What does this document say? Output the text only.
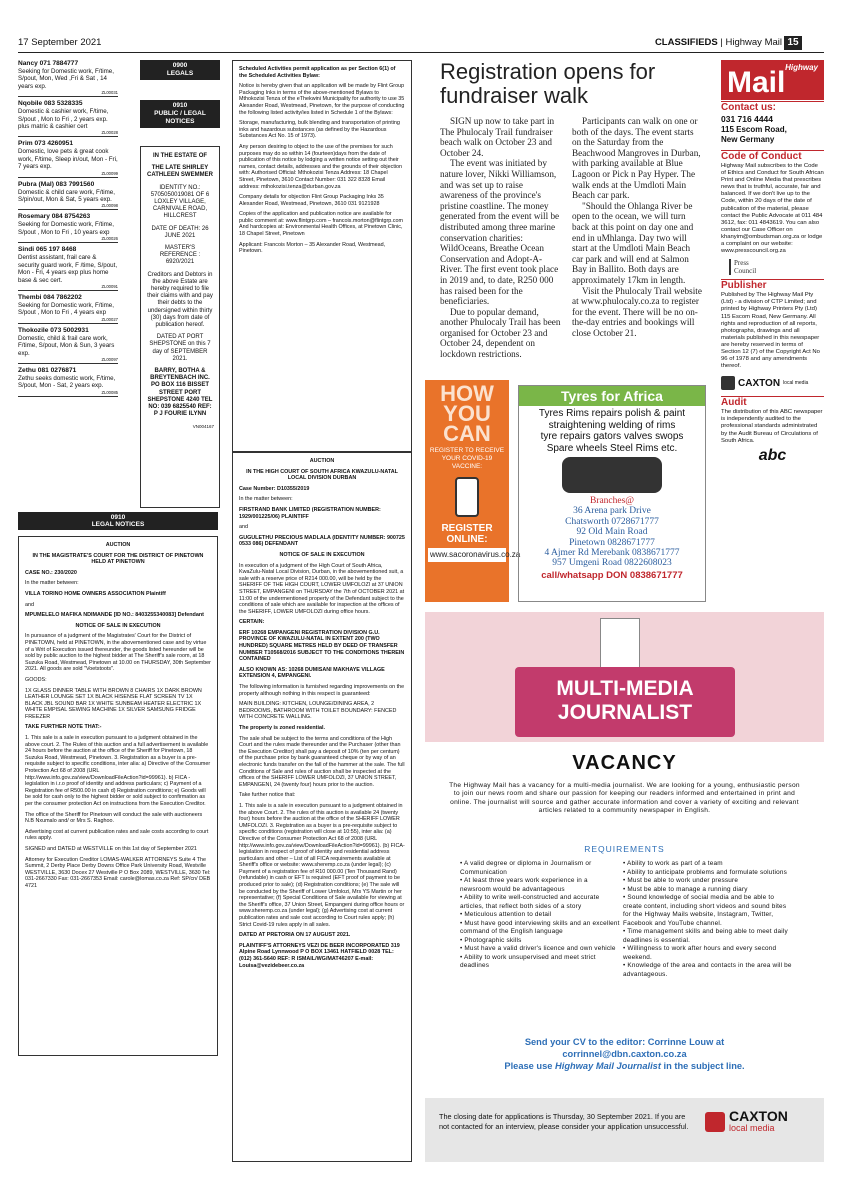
17 September 2021	CLASSIFIEDS | Highway Mail 15
Nancy 071 7884777
Seeking for Domestic work, F/time, S/pout, Mon, Wed ,Fri & Sat , 14 years exp.
ZL00031
Nqobile 083 5328335
Domestic & cashier work, F/time, S/pout , Mon to Fri , 2 years exp. plus matric & cashier cert
ZL00028
Prim 073 4260951
Domestic, love pets & great cook work, F/time, Sleep in/out, Mon - Fri, 7 years exp.
ZL00099
Pubra (Mal) 083 7991560
Domestic & child care work, F/time, S/pin/out, Mon & Sat, 5 years exp.
ZL00098
Rosemary 084 8754263
Seeking for Domestic work, F/time, S/pout , Mon to Fri , 10 years exp
ZL00026
Sindi 065 197 8468
Dentist assistant, frail care & security guard work, F /time, S/pout, Mon - Fri, 4 years exp plus home base & sec cert.
ZL00091
Thembi 084 7862202
Seeking for Domestic work, F/time, S/pout , Mon to Fri , 4 years exp
ZL00027
Thokozile 073 5002931
Domestic, child & frail care work, F/time, S/pout, Mon & Sun, 3 years exp.
ZL00097
Zethu 081 0276871
Zethu seeks domestic work, F/time, S/pout, Mon - Sat, 2 years exp.
ZL00085
0910
LEGAL NOTICES

AUCTION

IN THE MAGISTRATE'S COURT FOR THE DISTRICT OF PINETOWN HELD AT PINETOWN

CASE NO.: 230/2020

In the matter between:

VILLA TORINO HOME OWNERS ASSOCIATION Plaintiff

and

MPUMELELO MAFIKA NDIMANDE [ID NO.: 8403255340083] Defendant

NOTICE OF SALE IN EXECUTION

In pursuance of a judgment of the Magistrates' Court for the District of PINETOWN, held at PINETOWN, in the abovementioned case and by virtue of a Writ of Execution issued thereunder, the goods listed hereunder will be sold by public auction to the highest bidder at The Sheriff's sale room, at 18 Suzuka Road, Westmead, Pinetown at 10.00 on THURSDAY, 30th September 2021. All goods are sold "Voetstoots".

GOODS:

1X GLASS DINNER TABLE WITH BROWN 8 CHAIRS 1X DARK BROWN LEATHER LOUNGE SET 1X BLACK HISENSE FLAT SCREEN TV 1X BLACK JBL SOUND BAR 1X WHITE SUNBEAM HEATER ELECTRIC 1X WHITE EMPISAL SEWING MACHINE 1X SILVER SAMSUNG FRIDGE FREEZER

TAKE FURTHER NOTE THAT:-

1. This sale is a sale in execution pursuant to a judgment obtained in the above court. 2. The Rules of this auction and a full advertisement is available 24 hours before the auction at the office of the Sheriff for Pinetown, 18 Suzuka Road, Westmead, Pinetown. 3. Registration as a buyer is a pre-requisite subject to specific conditions, inter alia: a) Directive of the Consumer Protection Act 68 of 2008 (URL http://www.info.gov.za/view/DownloadFileAction?id=99961). b) FICA - legislation in i.r.o proof of identity and address particulars; c) Payment of a Registration fee of R500.00 in cash d) Registration conditions; e) Goods will be sold for cash only to the highest bidder or sold subject to confirmation as per the consumer protection Act on instructions from the Execution Creditor.

The office of the Sheriff for Pinetown will conduct the sale with auctioneers N.B Nxumalo and/ or Mrs S. Raghoo.

Advertising cost at current publication rates and sale costs according to court rules apply.

SIGNED and DATED at WESTVILLE on this 1st day of September 2021

Attorney for Execution Creditor LOMAS-WALKER ATTORNEYS Suite 4 The Summit, 2 Derby Place Derby Downs Office Park University Road, Westville WESTVILLE, 3630 Docex 27 Westville P O Box 2089, WESTVILLE, 3630 Tel: 031-2667330 Fax: 031-2667353 Email: carole@lomas.co.za Ref: SP/cn/ DEB 4721

0900
LEGALS
0910
PUBLIC / LEGAL NOTICES

IN THE ESTATE OF

THE LATE SHIRLEY CATHLEEN SWEMMER

IDENTITY NO.: 5705050019081 OF 6 LOXLEY VILLAGE, CARNIVALE ROAD, HILLCREST

DATE OF DEATH: 26 JUNE 2021

MASTER'S REFERENCE : 6920/2021

Creditors and Debtors in the above Estate are hereby required to file their claims with and pay their debts to the undersigned within thirty (30) days from date of publication hereof.

DATED AT PORT SHEPSTONE on this 7 day of SEPTEMBER 2021.

BARRY, BOTHA & BREYTENBACH INC. PO BOX 116 BISSET STREET PORT SHEPSTONE 4240 TEL NO: 039 6825540 REF: P J FOURIE ILYNN

VN004167

Scheduled Activities permit application as per Section 6(1) of the Scheduled Activities Bylaw:

Notice is hereby given that an application will be made by Flint Group Packaging Inks in terms of the above-mentioned Bylaws to Mthokozisi Tenza of the eThekwini Municipality for authority to use 35 Alexander Road, Westmead, Pinetown, for the purpose of conducting the following listed activity/ies listed in Schedule 1 of the Bylaws:

Storage, manufacturing, bulk blending and transportation of printing inks and hazardous substances (as defined by the Hazardous Substances Act No. 15 of 1973).

Any person desiring to object to the use of the premises for such purposes may do so within 14 (fourteen)days from the date of publication of this notice by lodging a written notice setting out their names, contact details, addresses and the grounds of their objection with: Authorised Official: Mthokozisi Tenza Address: 18 Chapel Street, Pinetown, 3610 Contact Number: 031 322 8328 Email address: mthokozisi.tenza@durban.gov.za

Company details for objection Flint Group Packaging Inks 35 Alexander Road, Westmead, Pinetown, 3610 031 9121928

Copies of the application and publication notice are available for public comment at: www.flintgrp.com – francois.morton@flintgrp.com And hardcopies at: Environmental Health Offices, at Pinetown Clinic, 18 Chapel Street, Pinetown

Applicant: Francois Morton – 35 Alexander Road, Westmead, Pinetown.

AUCTION

IN THE HIGH COURT OF SOUTH AFRICA KWAZULU-NATAL LOCAL DIVISION DURBAN

Case Number: D10355/2019

In the matter between:

FIRSTRAND BANK LIMITED (REGISTRATION NUMBER: 1929/001225/06) PLAINTIFF

and

GUGULETHU PRECIOUS MADLALA (IDENTITY NUMBER: 900725 0533 086) DEFENDANT

NOTICE OF SALE IN EXECUTION

In execution of a judgment of the High Court of South Africa, KwaZulu-Natal Local Division, Durban, in the abovementioned suit, a sale with a reserve price of R214 000.00, will be held by the SHERIFF OF THE HIGH COURT, LOWER UMFOLOZI at 37 UNION STREET, EMPANGENI on THURSDAY the 7th of OCTOBER 2021 at 11:00 of the undermentioned property of the Defendant subject to the conditions of sale which are available for inspection at the offices of the SHERIFF, LOWER UMFOLOZI during office hours.

CERTAIN:

ERF 10268 EMPANGENI REGISTRATION DIVISION G.U. PROVINCE OF KWAZULU-NATAL IN EXTENT 200 (TWO HUNDRED) SQUARE METRES HELD BY DEED OF TRANSFER NUMBER T10568/2016 SUBJECT TO THE CONDITIONS THEREIN CONTAINED

ALSO KNOWN AS: 10268 DUMISANI MAKHAYE VILLAGE EXTENSION 4, EMPANGENI.

The following information is furnished regarding improvements on the property although nothing in this respect is guaranteed:

MAIN BUILDING: KITCHEN, LOUNGE/DINING AREA, 2 BEDROOMS, BATHROOM WITH TOILET BOUNDARY: FENCED WITH CONCRETE WALLING.

The property is zoned residential.

The sale shall be subject to the terms and conditions of the High Court and the rules made thereunder and the Purchaser (other than the Execution Creditor) shall pay a deposit of 10% (ten per centum) of the purchase price by bank guaranteed cheque or by way of an electronic funds transfer on the fall of the hammer at the sale. The full Conditions of Sale and rules of auction shall be inspected at the offices of the SHERIFF LOWER UMFOLOZI, 37 UNION STREET, EMPANGENI, 24 (twenty four) hours prior to the auction.

Take further notice that:

1. This sale is a sale in execution pursuant to a judgment obtained in the above Court. 2. The rules of this auction is available 24 (twenty four) hours before the auction at the office of the SHERIFF LOWER UMFOLOZI. 3. Registration as a buyer is a pre-requisite subject to specific conditions (registration will close at 10:55), inter alia: (a) Directive of the Consumer Protection Act 68 of 2008 (URL http://www.info.gov.za/view/DownloadFileAction?id=99961). (b) FICA-legislation in respect of proof of identity and residential address particulars and other – List of all FICA requirements available at Sheriff's office or website: www.sheremp.co.za (under legal); (c) Payment of a registration fee of R10 000.00 (Ten Thousand Rand) (refundable) in cash or EFT is required (EFT proof of payment to be produced prior to sale); (d) Registration conditions; (e) The sale will be conducted by the Sheriff of Lower Umfolozi, Mrs YS Martin or her representative; (f) Special Conditions of Sale available for viewing at the Sheriff's office, 37 Union Street, Empangeni during office hours or www.sheremp.co.za (under legal); (g) Advertising cost at current publication rates and sale cost according to Court rules apply; (h) Strict Covid-19 rules apply in all sales.

DATED AT PRETORIA ON 17 AUGUST 2021.

PLAINTIFF'S ATTORNEYS VEZI DE BEER INCORPORATED 319 Alpine Road Lynnwood P O BOX 13461 HATFIELD 0028 TEL: (012) 361-5640 REF: R ISMAIL/WG/MAT46207 E-mail: Louisa@vezidebeer.co.za

Registration opens for fundraiser walk

SIGN up now to take part in The Phulocaly Trail fundraiser beach walk on October 23 and October 24.

The event was initiated by nature lover, Nikki Williamson, and was set up to raise awareness of the province's pristine coastline. The money generated from the event will be distributed among three marine conservation charities: WildOceans, Breathe Ocean Conservation and Adopt-A-River. The first event took place in 2019 and, to date, R250 000 has raised been for the beneficiaries.

Due to popular demand, another Phulocaly Trail has been organised for October 23 and October 24, dependent on lockdown restrictions.

Participants can walk on one or both of the days. The event starts on the Saturday from the Beachwood Mangroves in Durban, with parking available at Blue Lagoon or Pick n Pay Hyper. The walk ends at the Umdloti Main Beach car park.

"Should the Ohlanga River be open to the ocean, we will turn back at this point on day one and end in uMhlanga. Day two will start at the Umdloti Main Beach car park and will end at Salmon Bay in Ballito. Both days are approximately 17km in length.

Visit the Phulocaly Trail website at www.phulocaly.co.za to register for the event. There will be no on-the-day entries and bookings will close October 21.

Highway
Mail
Contact us:
031 716 4444
115 Escom Road,
New Germany
Code of Conduct

Highway Mail subscribes to the Code of Ethics and Conduct for South African Print and Online Media that prescribes news that is truthful, accurate, fair and balanced. If we don't live up to the Code, within 20 days of the date of publication of the material, please contact the Public Advocate at 011 484 3612, fax: 011 4843619. You can also contact our Case Officer on khanyim@ombudsman.org.za or lodge a complaint on our website: www.presscouncil.org.za

Press
Council
Publisher

Published by The Highway Mail Pty (Ltd) - a division of CTP Limited; and printed by Highway Printers Pty (Ltd) 115 Escom Road, New Germany. All rights and reproduction of all reports, photographs, drawings and all materials published in this newspaper are hereby reserved in terms of Section 12 (7) of the Copyright Act No 96 of 1978 and any amendments thereof.

CAXTON local media
Audit

The distribution of this ABC newspaper is independently audited to the professional standards administrated by the Audit Bureau of Circulations of South Africa.

abc
HOW
YOU
CAN
REGISTER TO RECEIVE YOUR COVID-19 VACCINE:
REGISTER ONLINE:
www.sacoronavirus.co.za
Tyres for Africa
Tyres Rims repairs polish & paint
straightening welding of rims
tyre repairs gators valves swops
Spare wheels Steel Rims etc.
Branches@
36 Arena park Drive
Chatsworth 0728671777
92 Old Main Road
Pinetown 0828671777
4 Ajmer Rd Merebank 0838671777
957 Umgeni Road 0822608023
call/whatsapp DON 0838671777
MULTI-MEDIA
JOURNALIST
VACANCY
The Highway Mail has a vacancy for a multi-media journalist. We are looking for a young, enthusiastic person to join our news room and share our passion for keeping our readers informed and entertained in print and online. The journalist will source and gather accurate information and cover a variety of exciting and relevant articles related to a community newspaper in English.
REQUIREMENTS
• A valid degree or diploma in Journalism or Communication
• At least three years work experience in a newsroom would be advantageous
• Ability to write well-constructed and accurate articles, that reflect both sides of a story
• Meticulous attention to detail
• Must have good interviewing skills and an excellent command of the English language
• Photographic skills
• Must have a valid driver's licence and own vehicle
• Ability to work unsupervised and meet strict deadlines
• Ability to work as part of a team
• Ability to anticipate problems and formulate solutions
• Must be able to work under pressure
• Must be able to manage a running diary
• Sound knowledge of social media and be able to create content, including short videos and sound bites for the Highway Mails website, Instagram, Twitter, Facebook and YouTube channel.
• Time management skills and being able to meet daily deadlines is essential.
• Willingness to work after hours and every second weekend.
• Knowledge of the area and contacts in the area will be advantageous.
Send your CV to the editor: Corrinne Louw at
corrinnel@dbn.caxton.co.za
Please use Highway Mail Journalist in the subject line.
The closing date for applications is Thursday, 30 September 2021. If you are not contacted for an interview, please consider your application unsuccessful.
CAXTON
local media
